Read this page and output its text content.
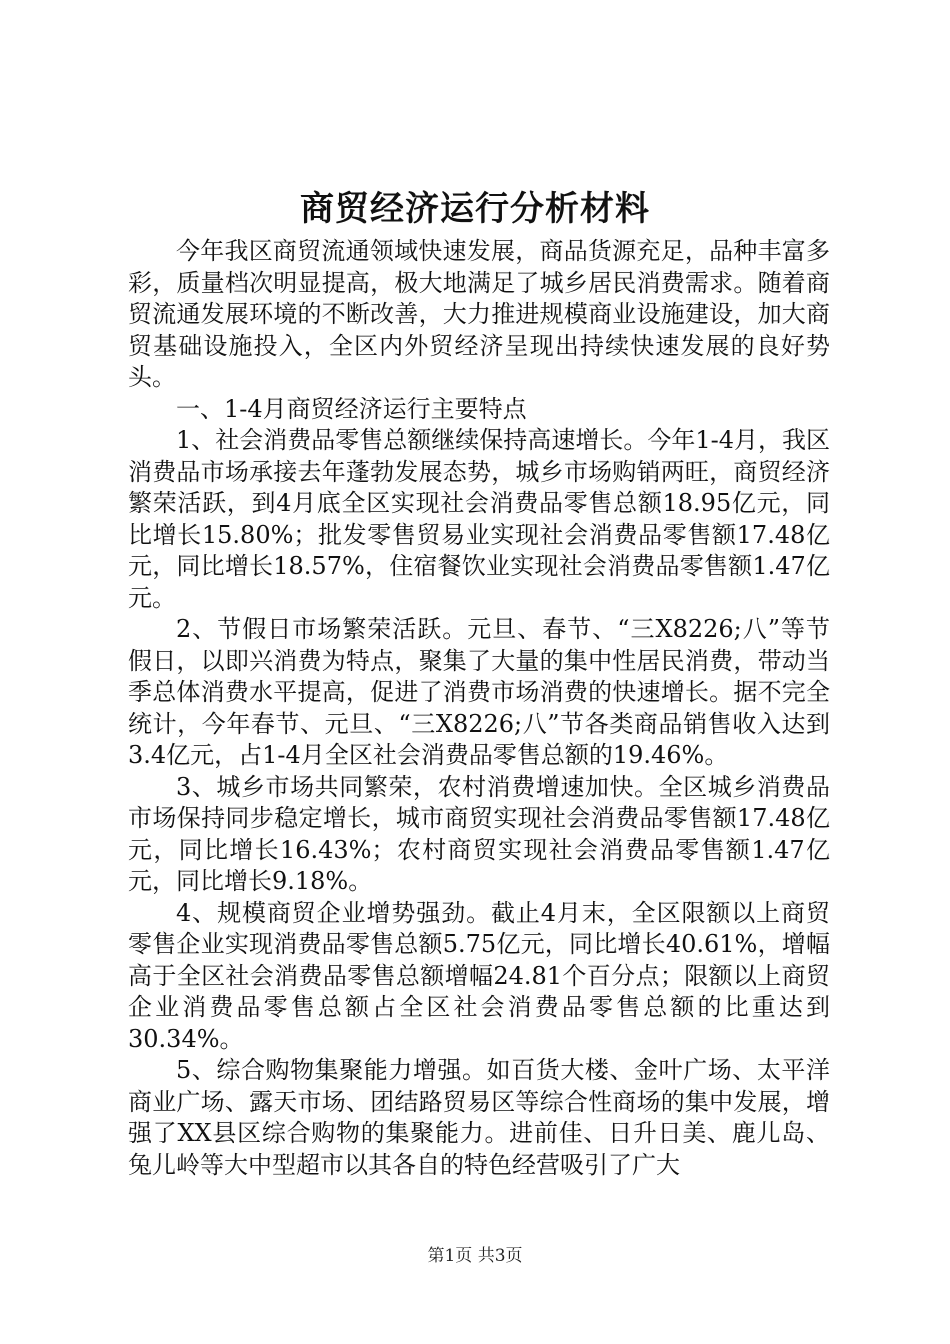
商贸经济运行分析材料

今年我区商贸流通领域快速发展，商品货源充足，品种丰富多彩，质量档次明显提高，极大地满足了城乡居民消费需求。随着商贸流通发展环境的不断改善，大力推进规模商业设施建设，加大商贸基础设施投入，全区内外贸经济呈现出持续快速发展的良好势头。

一、1-4月商贸经济运行主要特点

1、社会消费品零售总额继续保持高速增长。今年1-4月，我区消费品市场承接去年蓬勃发展态势，城乡市场购销两旺，商贸经济繁荣活跃，到4月底全区实现社会消费品零售总额18.95亿元，同比增长15.80%；批发零售贸易业实现社会消费品零售额17.48亿元，同比增长18.57%，住宿餐饮业实现社会消费品零售额1.47亿元。

2、节假日市场繁荣活跃。元旦、春节、“三X8226;八”等节假日，以即兴消费为特点，聚集了大量的集中性居民消费，带动当季总体消费水平提高，促进了消费市场消费的快速增长。据不完全统计，今年春节、元旦、“三X8226;八”节各类商品销售收入达到3.4亿元，占1-4月全区社会消费品零售总额的19.46%。

3、城乡市场共同繁荣，农村消费增速加快。全区城乡消费品市场保持同步稳定增长，城市商贸实现社会消费品零售额17.48亿元，同比增长16.43%；农村商贸实现社会消费品零售额1.47亿元，同比增长9.18%。

4、规模商贸企业增势强劲。截止4月末，全区限额以上商贸零售企业实现消费品零售总额5.75亿元，同比增长40.61%，增幅高于全区社会消费品零售总额增幅24.81个百分点；限额以上商贸企业消费品零售总额占全区社会消费品零售总额的比重达到30.34%。

5、综合购物集聚能力增强。如百货大楼、金叶广场、太平洋商业广场、露天市场、团结路贸易区等综合性商场的集中发展，增强了XX县区综合购物的集聚能力。进前佳、日升日美、鹿儿岛、兔儿岭等大中型超市以其各自的特色经营吸引了广大

第1页 共3页
